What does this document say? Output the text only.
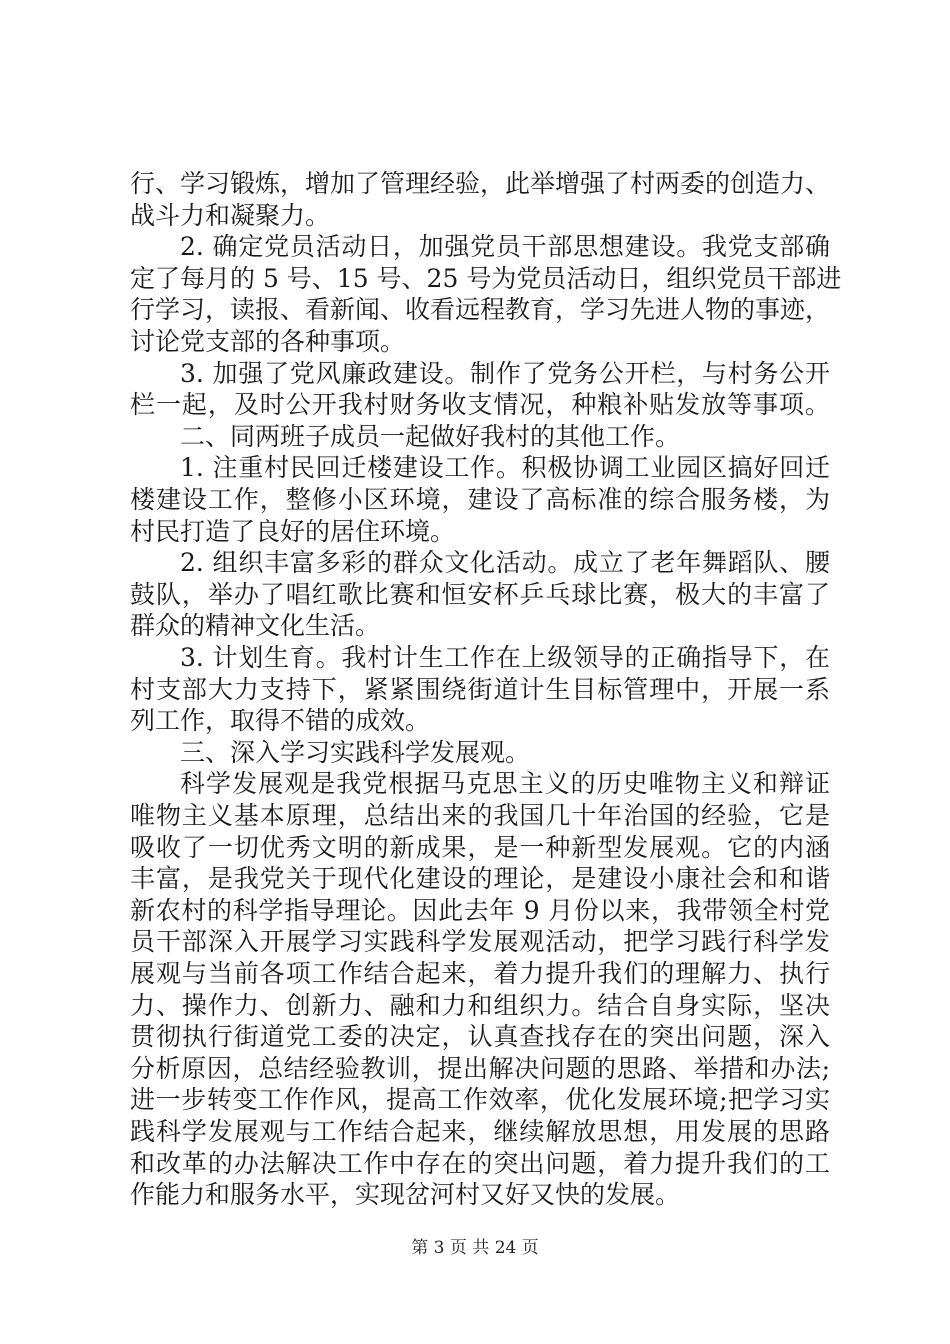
行、学习锻炼，增加了管理经验，此举增强了村两委的创造力、
战斗力和凝聚力。
2. 确定党员活动日，加强党员干部思想建设。我党支部确
定了每月的 5 号、15 号、25 号为党员活动日，组织党员干部进
行学习，读报、看新闻、收看远程教育，学习先进人物的事迹，
讨论党支部的各种事项。
3. 加强了党风廉政建设。制作了党务公开栏，与村务公开
栏一起，及时公开我村财务收支情况，种粮补贴发放等事项。
二、同两班子成员一起做好我村的其他工作。
1. 注重村民回迁楼建设工作。积极协调工业园区搞好回迁
楼建设工作，整修小区环境，建设了高标准的综合服务楼，为
村民打造了良好的居住环境。
2. 组织丰富多彩的群众文化活动。成立了老年舞蹈队、腰
鼓队，举办了唱红歌比赛和恒安杯乒乓球比赛，极大的丰富了
群众的精神文化生活。
3. 计划生育。我村计生工作在上级领导的正确指导下，在
村支部大力支持下，紧紧围绕街道计生目标管理中，开展一系
列工作，取得不错的成效。
三、深入学习实践科学发展观。
科学发展观是我党根据马克思主义的历史唯物主义和辩证
唯物主义基本原理，总结出来的我国几十年治国的经验，它是
吸收了一切优秀文明的新成果，是一种新型发展观。它的内涵
丰富，是我党关于现代化建设的理论，是建设小康社会和和谐
新农村的科学指导理论。因此去年 9 月份以来，我带领全村党
员干部深入开展学习实践科学发展观活动，把学习践行科学发
展观与当前各项工作结合起来，着力提升我们的理解力、执行
力、操作力、创新力、融和力和组织力。结合自身实际，坚决
贯彻执行街道党工委的决定，认真查找存在的突出问题，深入
分析原因，总结经验教训，提出解决问题的思路、举措和办法;
进一步转变工作作风，提高工作效率，优化发展环境;把学习实
践科学发展观与工作结合起来，继续解放思想，用发展的思路
和改革的办法解决工作中存在的突出问题，着力提升我们的工
作能力和服务水平，实现岔河村又好又快的发展。
第 3 页 共 24 页
